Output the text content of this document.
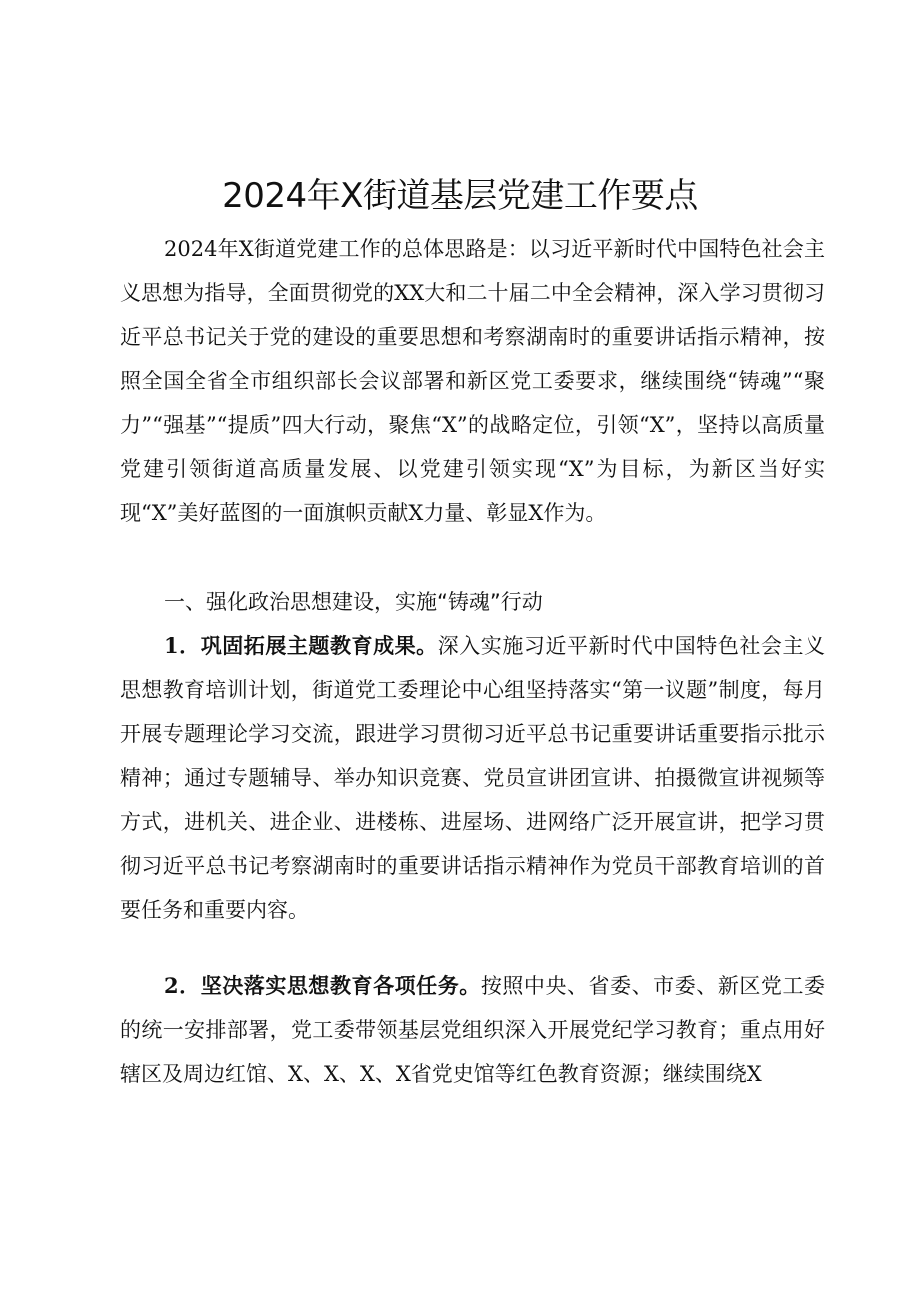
2024年X街道基层党建工作要点
2024年X街道党建工作的总体思路是：以习近平新时代中国特色社会主义思想为指导，全面贯彻党的XX大和二十届二中全会精神，深入学习贯彻习近平总书记关于党的建设的重要思想和考察湖南时的重要讲话指示精神，按照全国全省全市组织部长会议部署和新区党工委要求，继续围绕“铸魂”“聚力”“强基”“提质”四大行动，聚焦“X”的战略定位，引领“X”，坚持以高质量党建引领街道高质量发展、以党建引领实现“X”为目标，为新区当好实现“X”美好蓝图的一面旗帜贡献X力量、彰显X作为。
一、强化政治思想建设，实施“铸魂”行动
1．巩固拓展主题教育成果。深入实施习近平新时代中国特色社会主义思想教育培训计划，街道党工委理论中心组坚持落实“第一议题”制度，每月开展专题理论学习交流，跟进学习贯彻习近平总书记重要讲话重要指示批示精神；通过专题辅导、举办知识竞赛、党员宣讲团宣讲、拍摄微宣讲视频等方式，进机关、进企业、进楼栋、进屋场、进网络广泛开展宣讲，把学习贯彻习近平总书记考察湖南时的重要讲话指示精神作为党员干部教育培训的首要任务和重要内容。
2．坚决落实思想教育各项任务。按照中央、省委、市委、新区党工委的统一安排部署，党工委带领基层党组织深入开展党纪学习教育；重点用好辖区及周边红馆、X、X、X、X省党史馆等红色教育资源；继续围绕X
